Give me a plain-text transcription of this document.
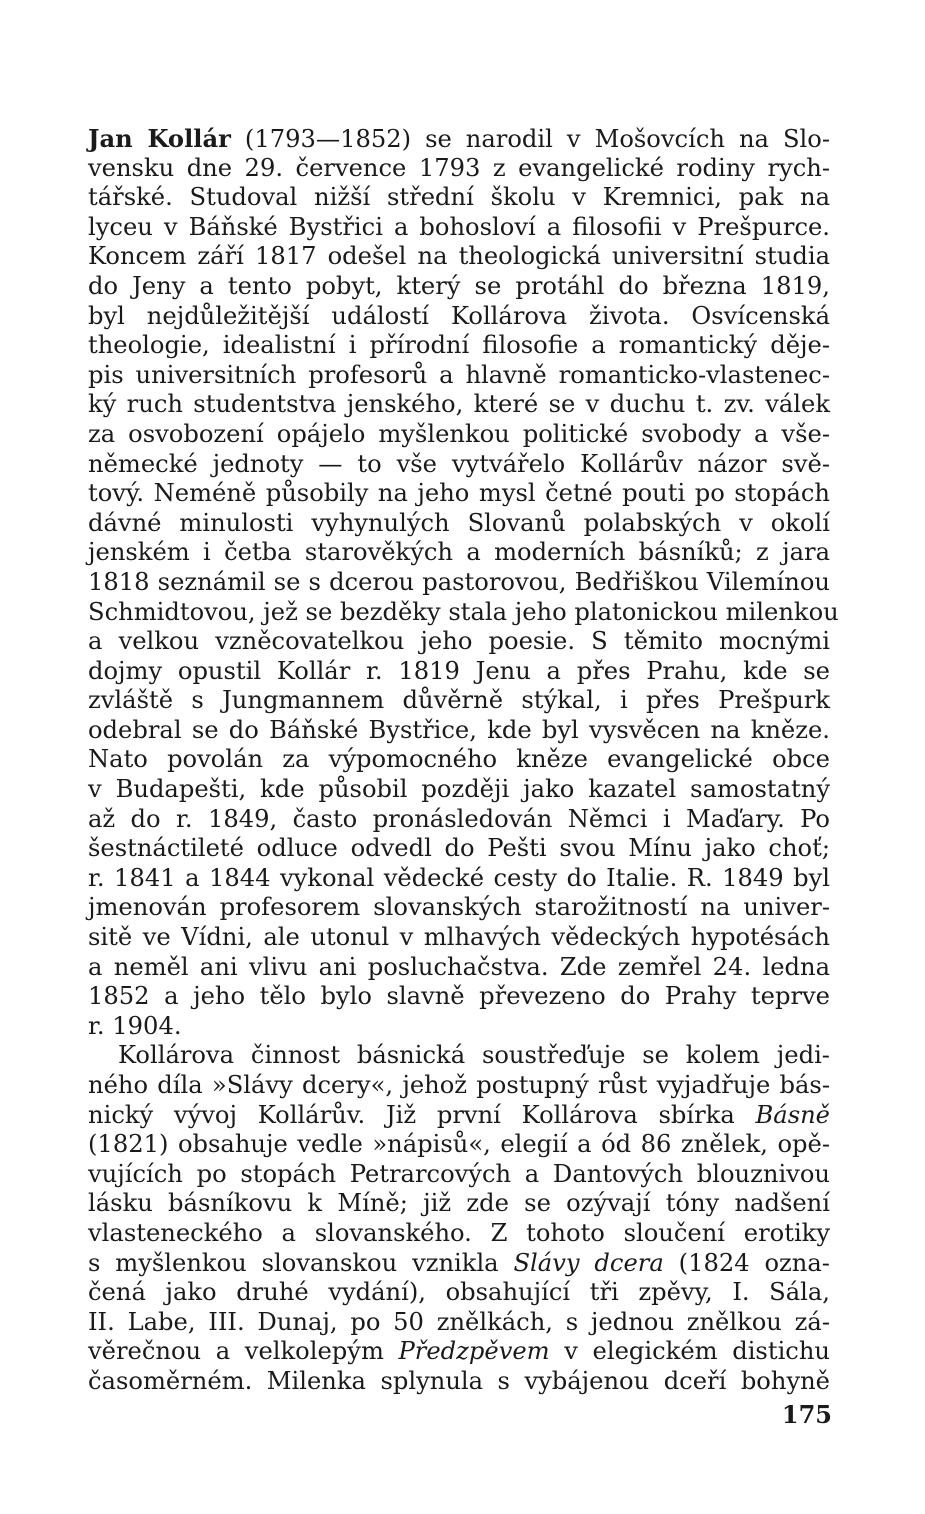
Jan Kollár (1793—1852) se narodil v Mošovcích na Slo-
vensku dne 29. července 1793 z evangelické rodiny rych-
tářské. Studoval nižší střední školu v Kremnici, pak na
lyceu v Báňské Bystřici a bohosloví a filosofii v Prešpurce.
Koncem září 1817 odešel na theologická universitní studia
do Jeny a tento pobyt, který se protáhl do března 1819,
byl nejdůležitější událostí Kollárova života. Osvícenská
theologie, idealistní i přírodní filosofie a romantický děje-
pis universitních profesorů a hlavně romanticko-vlastenec-
ký ruch studentstva jenského, které se v duchu t. zv. válek
za osvobození opájelo myšlenkou politické svobody a vše-
německé jednoty — to vše vytvářelo Kollárův názor svě-
tový. Neméně působily na jeho mysl četné pouti po stopách
dávné minulosti vyhynulých Slovanů polabských v okolí
jenském i četba starověkých a moderních básníků; z jara
1818 seznámil se s dcerou pastorovou, Bedřiškou Vilemínou
Schmidtovou, jež se bezděky stala jeho platonickou milenkou
a velkou vzněcovatelkou jeho poesie. S těmito mocnými
dojmy opustil Kollár r. 1819 Jenu a přes Prahu, kde se
zvláště s Jungmannem důvěrně stýkal, i přes Prešpurk
odebral se do Báňské Bystřice, kde byl vysvěcen na kněze.
Nato povolán za výpomocného kněze evangelické obce
v Budapešti, kde působil později jako kazatel samostatný
až do r. 1849, často pronásledován Němci i Maďary. Po
šestnáctileté odluce odvedl do Pešti svou Mínu jako choť;
r. 1841 a 1844 vykonal vědecké cesty do Italie. R. 1849 byl
jmenován profesorem slovanských starožitností na univer-
sitě ve Vídni, ale utonul v mlhavých vědeckých hypotésách
a neměl ani vlivu ani posluchačstva. Zde zemřel 24. ledna
1852 a jeho tělo bylo slavně převezeno do Prahy teprve
r. 1904.
Kollárova činnost básnická soustřeďuje se kolem jedi-
ného díla »Slávy dcery«, jehož postupný růst vyjadřuje bás-
nický vývoj Kollárův. Již první Kollárova sbírka Básně
(1821) obsahuje vedle »nápisů«, elegií a ód 86 znělek, opě-
vujících po stopách Petrarcových a Dantových blouznivou
lásku básníkovu k Míně; již zde se ozývají tóny nadšení
vlasteneckého a slovanského. Z tohoto sloučení erotiky
s myšlenkou slovanskou vznikla Slávy dcera (1824 ozna-
čená jako druhé vydání), obsahující tři zpěvy, I. Sála,
II. Labe, III. Dunaj, po 50 znělkách, s jednou znělkou zá-
věrečnou a velkolepým Předzpěvem v elegickém distichu
časoměrném. Milenka splynula s vybájenou dceří bohyně
175
